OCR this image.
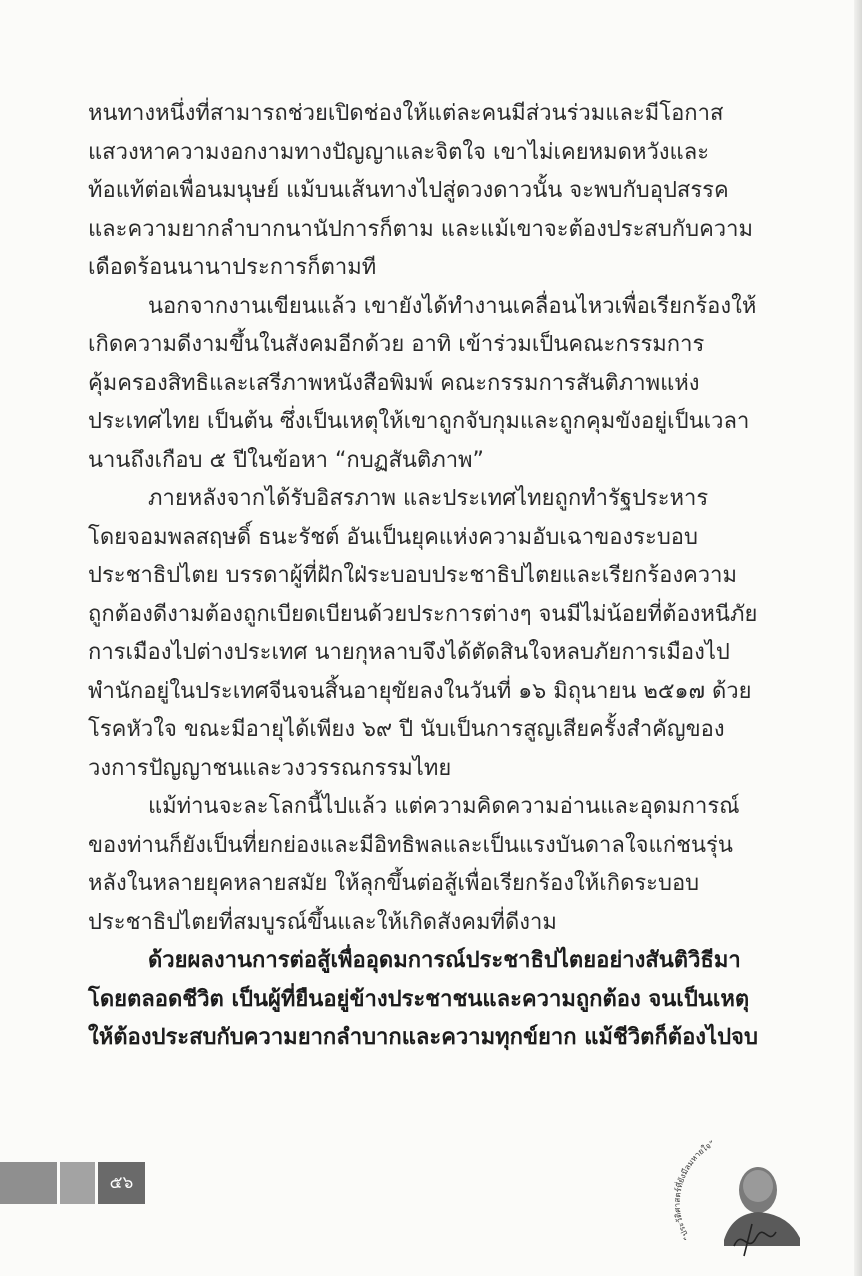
หนทางหนึ่งที่สามารถช่วยเปิดช่องให้แต่ละคนมีส่วนร่วมและมีโอกาส
แสวงหาความงอกงามทางปัญญาและจิตใจ เขาไม่เคยหมดหวังและ
ท้อแท้ต่อเพื่อนมนุษย์ แม้บนเส้นทางไปสู่ดวงดาวนั้น จะพบกับอุปสรรค
และความยากลำบากนานัปการก็ตาม และแม้เขาจะต้องประสบกับความ
เดือดร้อนนานาประการก็ตามที
นอกจากงานเขียนแล้ว เขายังได้ทำงานเคลื่อนไหวเพื่อเรียกร้องให้
เกิดความดีงามขึ้นในสังคมอีกด้วย อาทิ เข้าร่วมเป็นคณะกรรมการ
คุ้มครองสิทธิและเสรีภาพหนังสือพิมพ์ คณะกรรมการสันติภาพแห่ง
ประเทศไทย เป็นต้น ซึ่งเป็นเหตุให้เขาถูกจับกุมและถูกคุมขังอยู่เป็นเวลา
นานถึงเกือบ ๕ ปีในข้อหา “กบฏสันติภาพ”
ภายหลังจากได้รับอิสรภาพ และประเทศไทยถูกทำรัฐประหาร
โดยจอมพลสฤษดิ์ ธนะรัชต์ อันเป็นยุคแห่งความอับเฉาของระบอบ
ประชาธิปไตย บรรดาผู้ที่ฝักใฝ่ระบอบประชาธิปไตยและเรียกร้องความ
ถูกต้องดีงามต้องถูกเบียดเบียนด้วยประการต่างๆ จนมีไม่น้อยที่ต้องหนีภัย
การเมืองไปต่างประเทศ นายกุหลาบจึงได้ตัดสินใจหลบภัยการเมืองไป
พำนักอยู่ในประเทศจีนจนสิ้นอายุขัยลงในวันที่ ๑๖ มิถุนายน ๒๕๑๗ ด้วย
โรคหัวใจ ขณะมีอายุได้เพียง ๖๙ ปี นับเป็นการสูญเสียครั้งสำคัญของ
วงการปัญญาชนและวงวรรณกรรมไทย
แม้ท่านจะละโลกนี้ไปแล้ว แต่ความคิดความอ่านและอุดมการณ์
ของท่านก็ยังเป็นที่ยกย่องและมีอิทธิพลและเป็นแรงบันดาลใจแก่ชนรุ่น
หลังในหลายยุคหลายสมัย ให้ลุกขึ้นต่อสู้เพื่อเรียกร้องให้เกิดระบอบ
ประชาธิปไตยที่สมบูรณ์ขึ้นและให้เกิดสังคมที่ดีงาม
ด้วยผลงานการต่อสู้เพื่ออุดมการณ์ประชาธิปไตยอย่างสันติวิธีมา
โดยตลอดชีวิต เป็นผู้ที่ยืนอยู่ข้างประชาชนและความถูกต้อง จนเป็นเหตุ
ให้ต้องประสบกับความยากลำบากและความทุกข์ยาก แม้ชีวิตก็ต้องไปจบ
๕๖
“ประวัติศาสตร์ที่ยังมีลมหายใจ”
